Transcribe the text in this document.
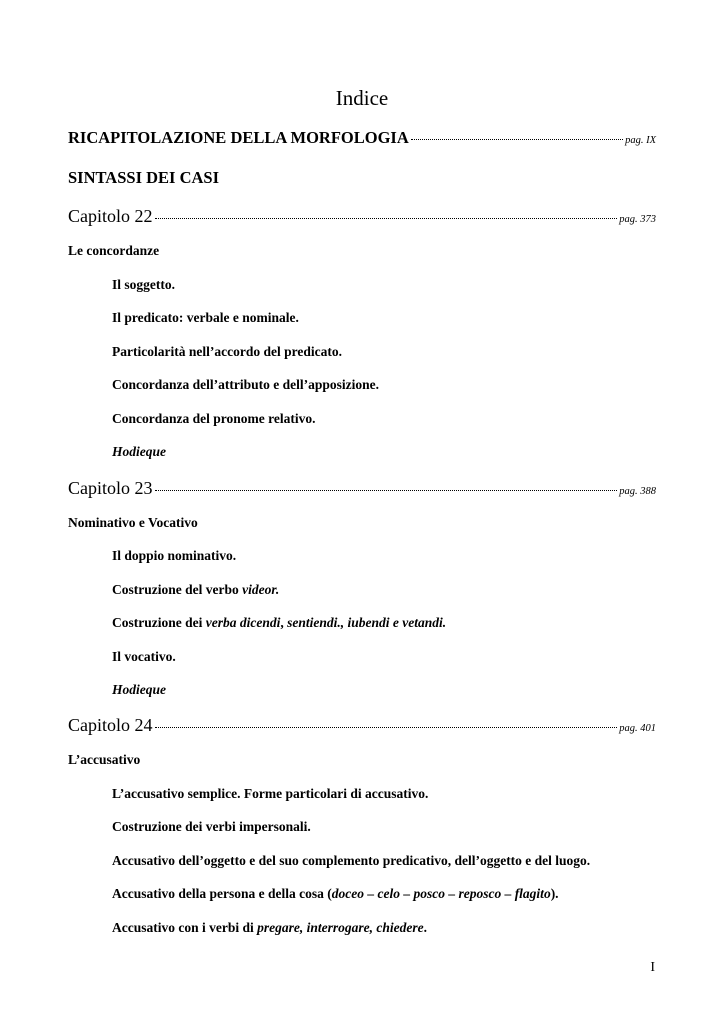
Indice
RICAPITOLAZIONE DELLA MORFOLOGIA	pag. IX
SINTASSI DEI CASI
Capitolo 22	pag. 373
Le concordanze
Il soggetto.
Il predicato: verbale e nominale.
Particolarità nell’accordo del predicato.
Concordanza dell’attributo e dell’apposizione.
Concordanza del pronome relativo.
Hodieque
Capitolo 23	pag. 388
Nominativo e Vocativo
Il doppio nominativo.
Costruzione del verbo videor.
Costruzione dei verba dicendi, sentiendi., iubendi e vetandi.
Il vocativo.
Hodieque
Capitolo 24	pag. 401
L’accusativo
L’accusativo semplice. Forme particolari di accusativo.
Costruzione dei verbi impersonali.
Accusativo dell’oggetto e del suo complemento predicativo, dell’oggetto e del luogo.
Accusativo della persona e della cosa (doceo – celo – posco – reposco – flagito).
Accusativo con i verbi di pregare, interrogare, chiedere.
I
